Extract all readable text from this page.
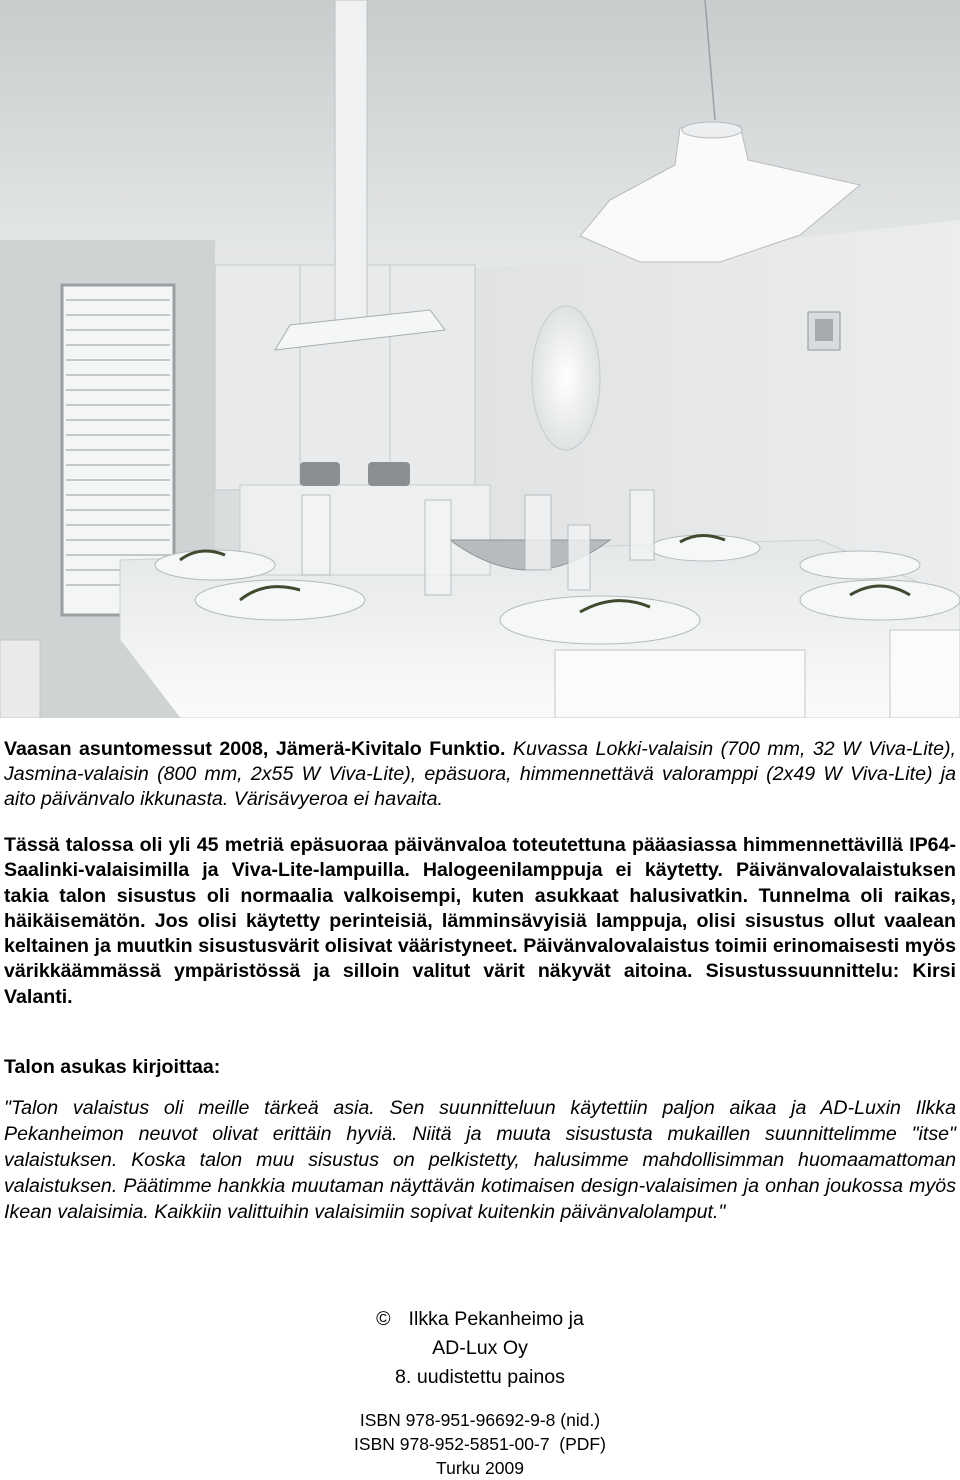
Vaasan asuntomessut 2008, Jämerä-Kivitalo Funktio. Kuvassa Lokki-valaisin (700 mm, 32 W Viva-Lite), Jasmina-valaisin (800 mm, 2x55 W Viva-Lite), epäsuora, himmennettävä valoramppi (2x49 W Viva-Lite) ja aito päivänvalo ikkunasta. Värisävyeroa ei havaita.
Tässä talossa oli yli 45 metriä epäsuoraa päivänvaloa toteutettuna pääasiassa himmennettävillä IP64-Saalinki-valaisimilla ja Viva-Lite-lampuilla. Halogeenilamppuja ei käytetty. Päivänvalovalaistuksen takia talon sisustus oli normaalia valkoisempi, kuten asukkaat halusivatkin. Tunnelma oli raikas, häikäisemätön. Jos olisi käytetty perinteisiä, lämminsävyisiä lamppuja, olisi sisustus ollut vaalean keltainen ja muutkin sisustusvärit olisivat vääristyneet. Päivänvalovalaistus toimii erinomaisesti myös värikkäämmässä ympäristössä ja silloin valitut värit näkyvät aitoina. Sisustussuunnittelu: Kirsi Valanti.
Talon asukas kirjoittaa:
"Talon valaistus oli meille tärkeä asia. Sen suunnitteluun käytettiin paljon aikaa ja AD-Luxin Ilkka Pekanheimon neuvot olivat erittäin hyviä. Niitä ja muuta sisustusta mukaillen suunnittelimme "itse" valaistuksen. Koska talon muu sisustus on pelkistetty, halusimme mahdollisimman huomaamattoman valaistuksen. Päätimme hankkia muutaman näyttävän kotimaisen design-valaisimen ja onhan joukossa myös Ikean valaisimia. Kaikkiin valittuihin valaisimiin sopivat kuitenkin päivänvalolamput."
© Ilkka Pekanheimo ja
AD-Lux Oy
8. uudistettu painos
ISBN 978-951-96692-9-8 (nid.)
ISBN 978-952-5851-00-7  (PDF)
Turku 2009
